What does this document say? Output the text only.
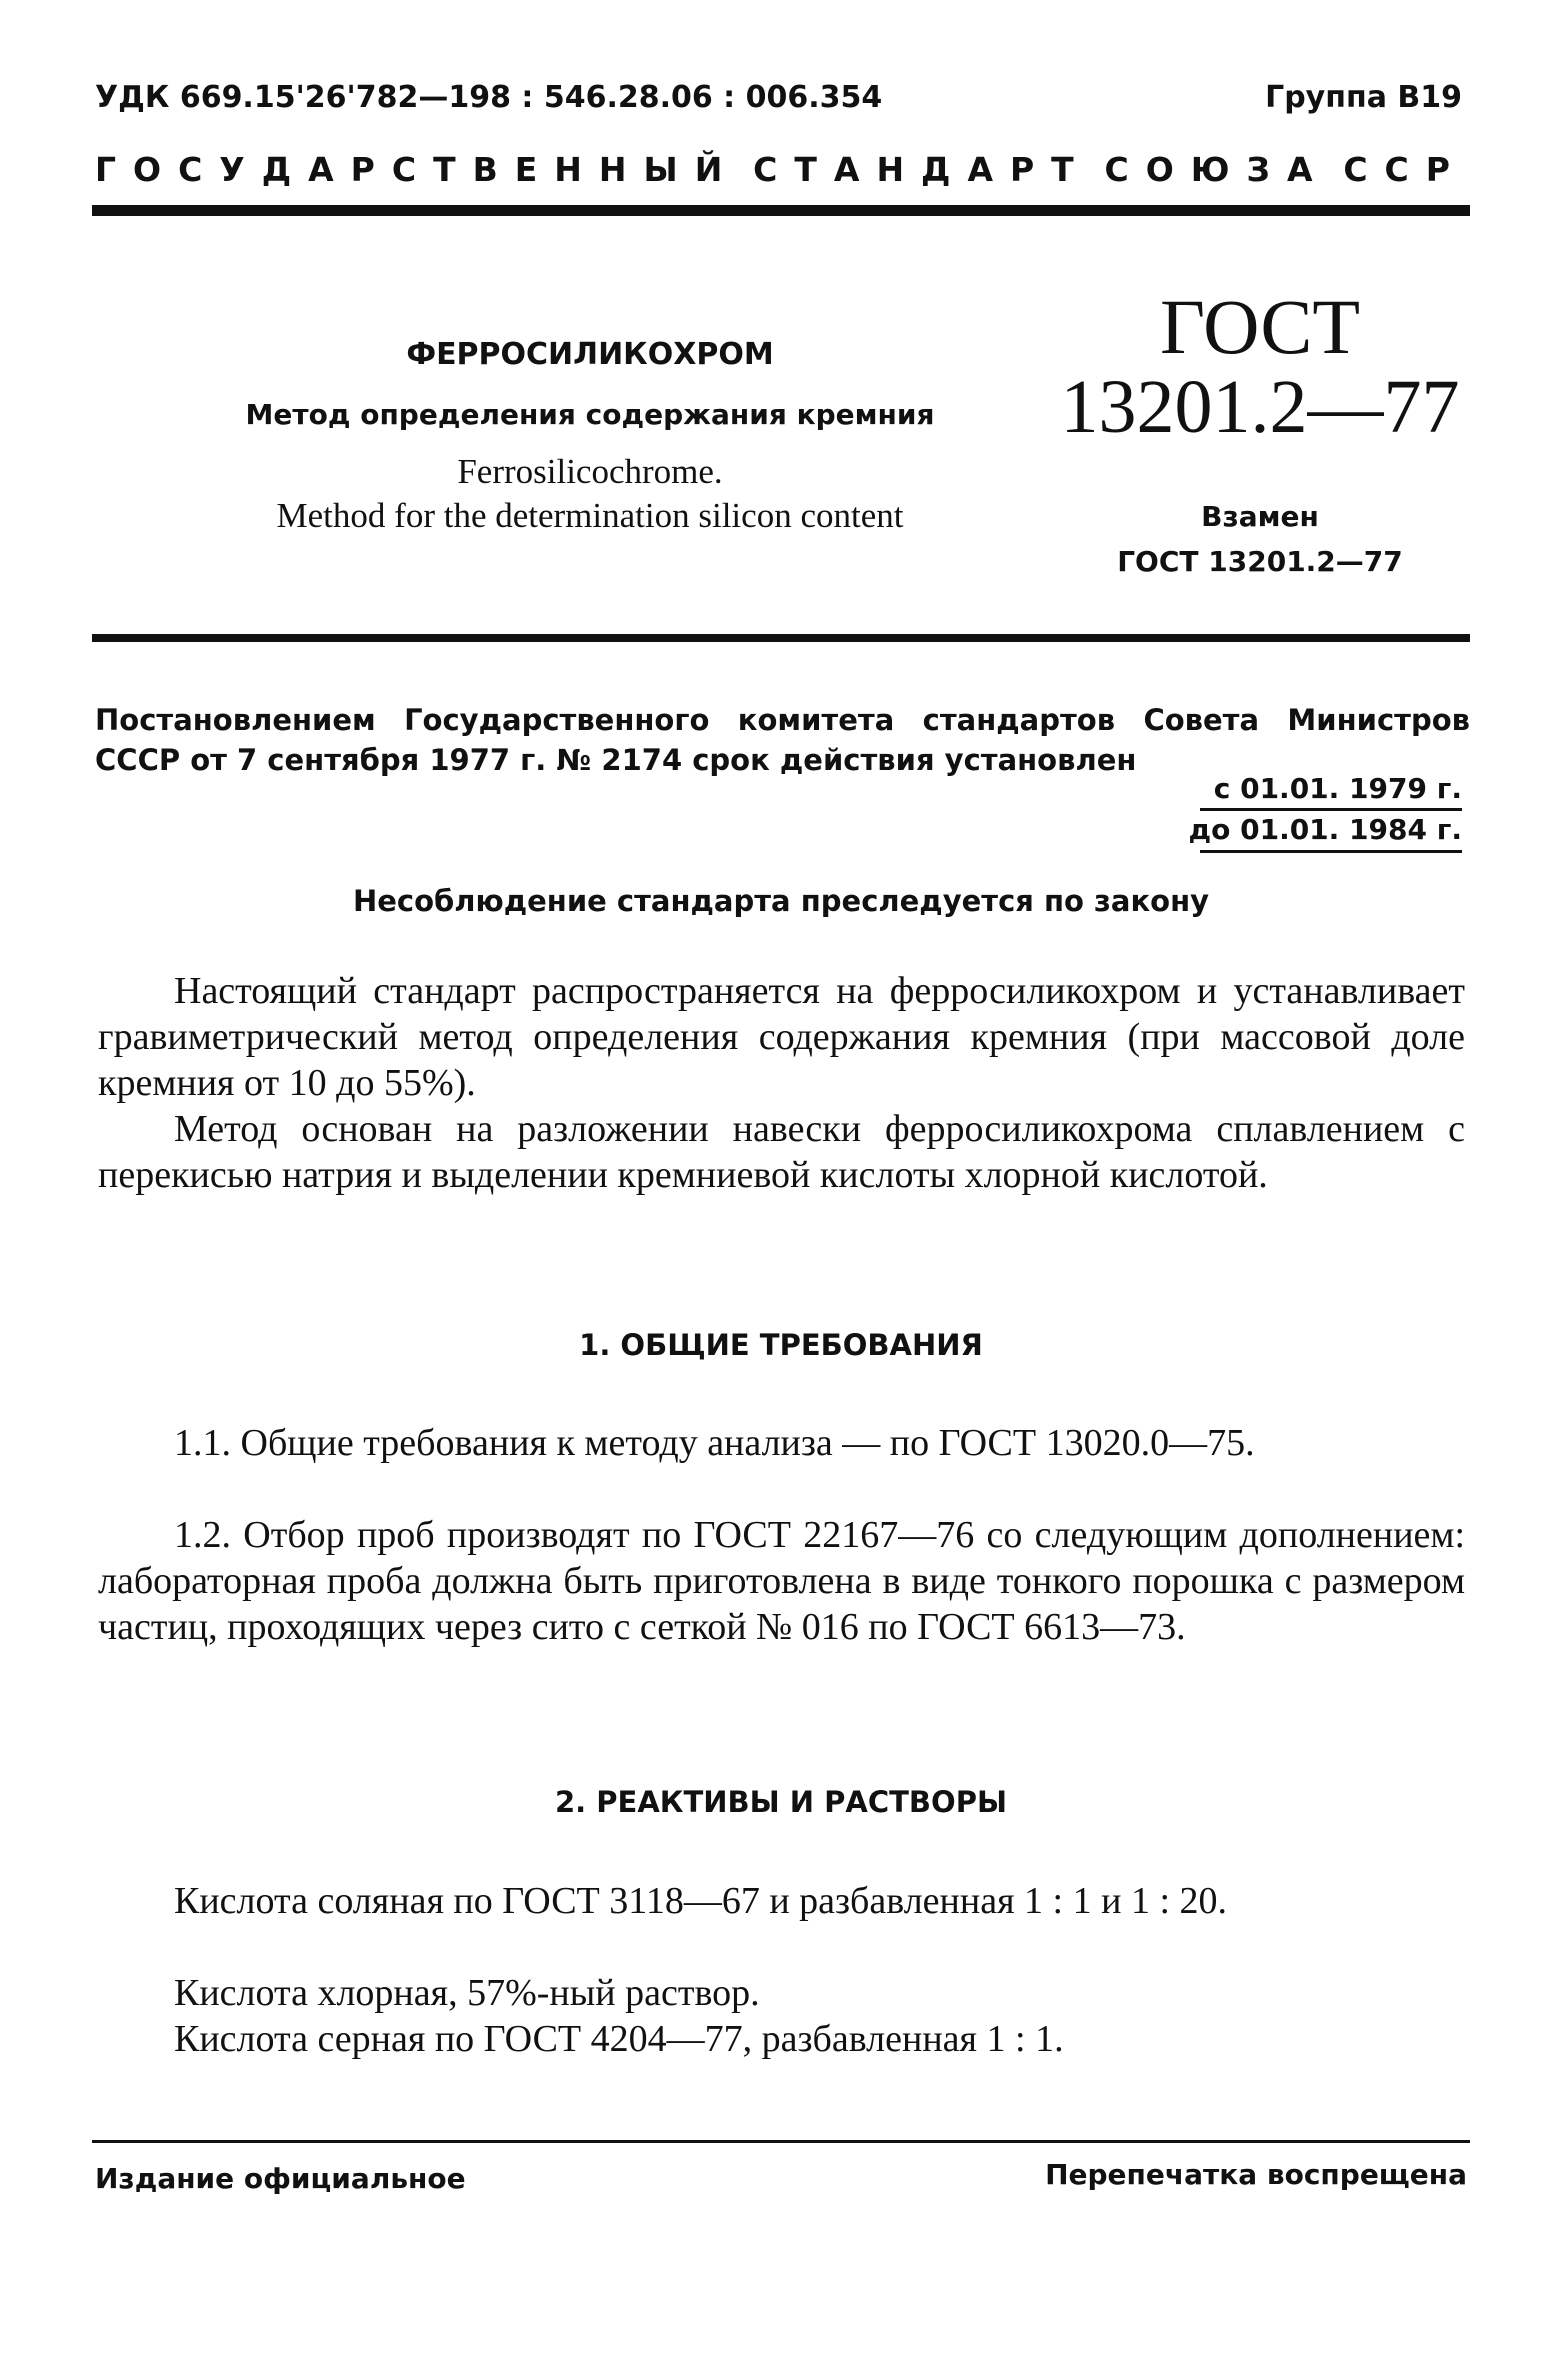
УДК 669.15'26'782—198 : 546.28.06 : 006.354	Группа В19
ГОСУДАРСТВЕННЫЙ СТАНДАРТ СОЮЗА ССР
ФЕРРОСИЛИКОХРОМ
Метод определения содержания кремния
Ferrosilicochrome.
Method for the determination silicon content
ГОСТ
13201.2—77
Взамен
ГОСТ 13201.2—77
Постановлением Государственного комитета стандартов Совета Министров СССР от 7 сентября 1977 г. № 2174 срок действия установлен
с 01.01. 1979 г.
до 01.01. 1984 г.
Несоблюдение стандарта преследуется по закону

Настоящий стандарт распространяется на ферросиликохром и устанавливает гравиметрический метод определения содержания кремния (при массовой доле кремния от 10 до 55%).

Метод основан на разложении навески ферросиликохрома сплавлением с перекисью натрия и выделении кремниевой кислоты хлорной кислотой.

1. ОБЩИЕ ТРЕБОВАНИЯ

1.1. Общие требования к методу анализа — по ГОСТ 13020.0—75.

1.2. Отбор проб производят по ГОСТ 22167—76 со следующим дополнением: лабораторная проба должна быть приготовлена в виде тонкого порошка с размером частиц, проходящих через сито с сеткой № 016 по ГОСТ 6613—73.

2. РЕАКТИВЫ И РАСТВОРЫ

Кислота соляная по ГОСТ 3118—67 и разбавленная 1 : 1 и 1 : 20.

Кислота хлорная, 57%-ный раствор.

Кислота серная по ГОСТ 4204—77, разбавленная 1 : 1.

Издание официальное	Перепечатка воспрещена
